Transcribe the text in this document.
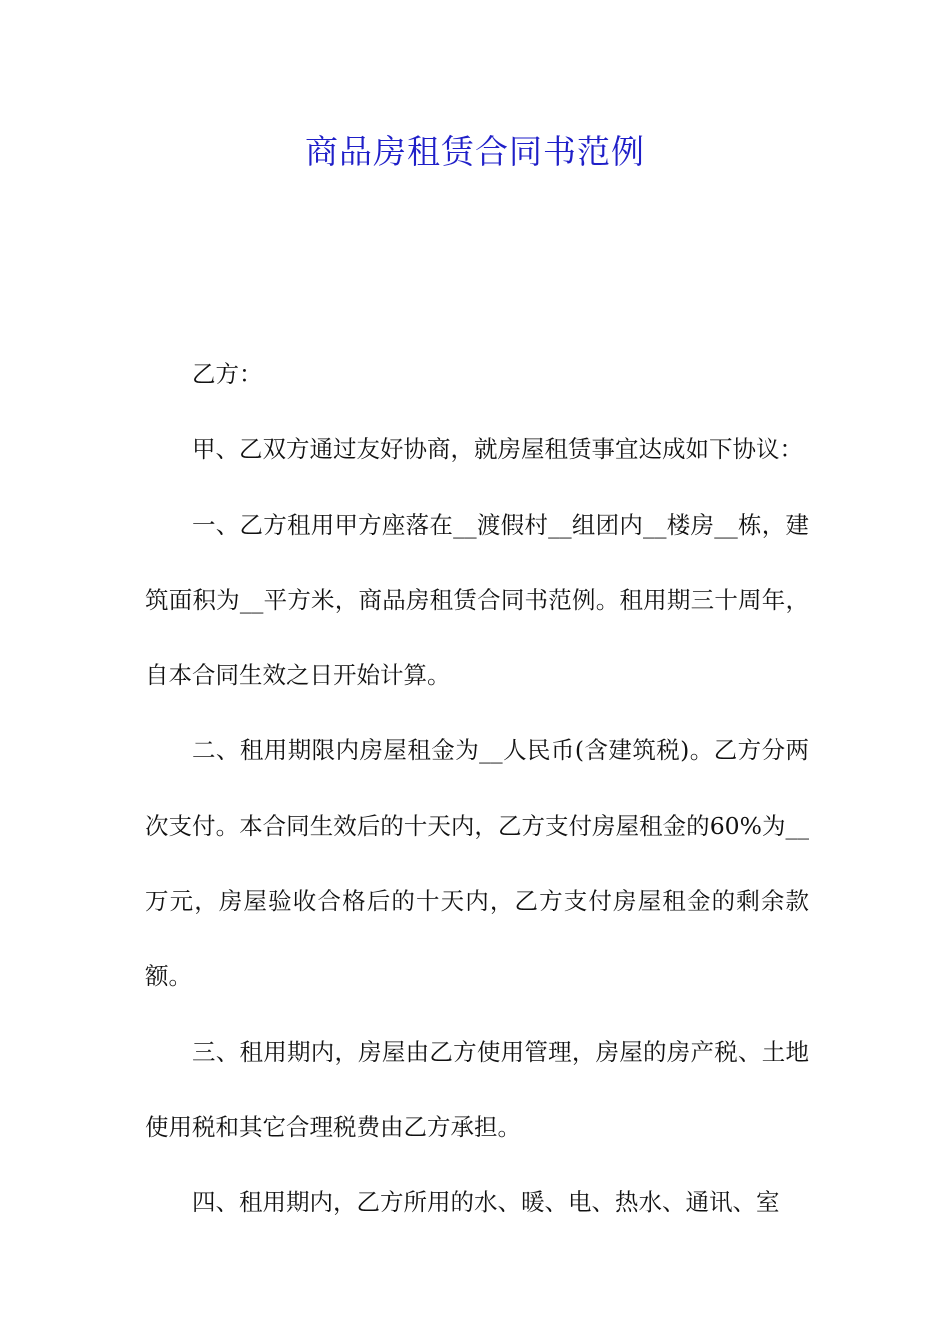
商品房租赁合同书范例

乙方：

甲、乙双方通过友好协商，就房屋租赁事宜达成如下协议：

一、乙方租用甲方座落在__渡假村__组团内__楼房__栋，建筑面积为__平方米，商品房租赁合同书范例。租用期三十周年，自本合同生效之日开始计算。

二、租用期限内房屋租金为__人民币(含建筑税)。乙方分两次支付。本合同生效后的十天内，乙方支付房屋租金的60%为__万元，房屋验收合格后的十天内，乙方支付房屋租金的剩余款额。

三、租用期内，房屋由乙方使用管理，房屋的房产税、土地使用税和其它合理税费由乙方承担。

四、租用期内，乙方所用的水、暖、电、热水、通讯、室
